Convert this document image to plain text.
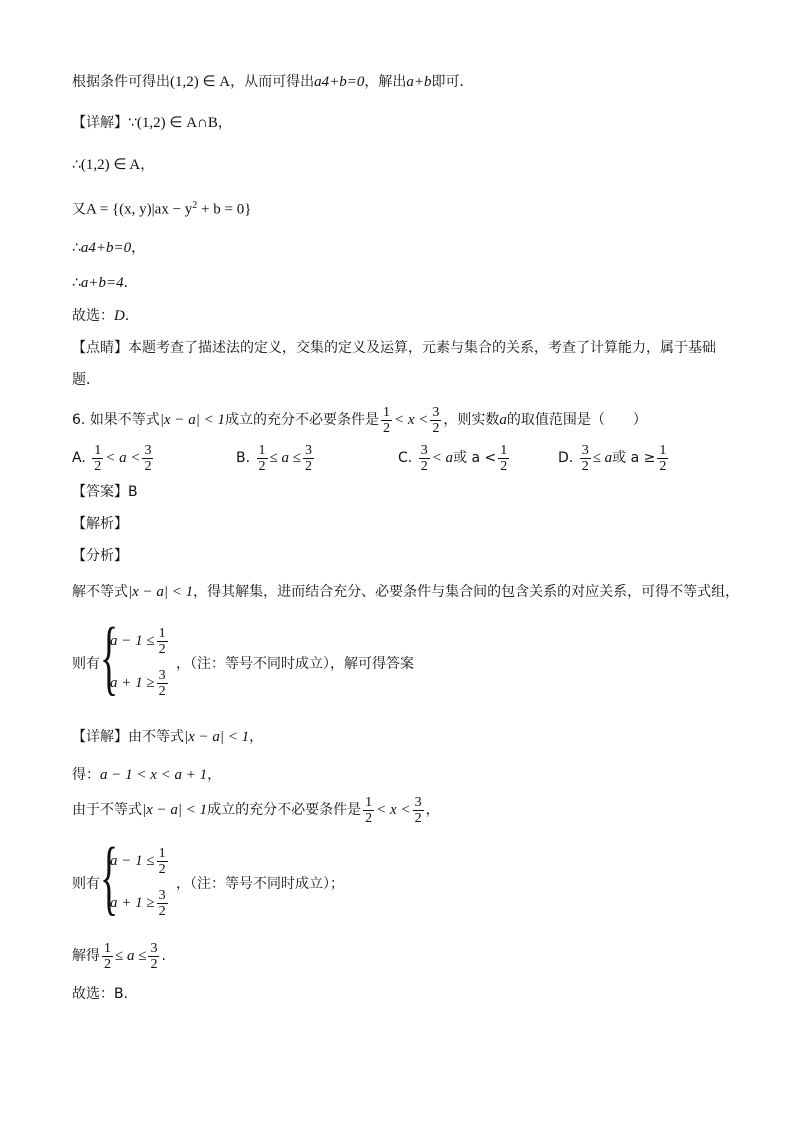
根据条件可得出(1,2) ∈ A，从而可得出a4+b=0，解出a+b即可．
【详解】∵(1,2) ∈ A∩B，
∴(1,2) ∈ A，
又A = {(x, $y)|ax - y^2 + b = 0$}
∴a4+b=0，
∴a+b=4．
故选：D．
【点睛】本题考查了描述法的定义，交集的定义及运算，元素与集合的关系，考查了计算能力，属于基础
题．
6. 如果不等式|x − a| < 1成立的充分不必要条件是 $\frac{1}{2} < x < \frac{3}{2}$ ，则实数a的取值范围是（　　）
A. $\frac{1}{2} < a < \frac{3}{2}$	B. $\frac{1}{2} \le a \le \frac{3}{2}$	C. $\frac{3}{2} < a$或 $a < \frac{1}{2}$	D. $\frac{3}{2} \le a$或 $a \ge \frac{1}{2}$
【答案】B
【解析】
【分析】
解不等式|x − a| < 1，得其解集，进而结合充分、必要条件与集合间的包含关系的对应关系，可得不等式组，
则有 {
$a - 1 \le \frac{1}{2}$
$a + 1 \ge \frac{3}{2}$
，（注：等号不同时成立），解可得答案
【详解】由不等式|x − a| < 1，
得：a − 1 < x < a + 1，
由于不等式|x − a| < 1成立的充分不必要条件是 $\frac{1}{2} < x < \frac{3}{2}$ ，
则有 {
$a - 1 \le \frac{1}{2}$
$a + 1 \ge \frac{3}{2}$
，（注：等号不同时成立）；
解得 $\frac{1}{2} \le a \le \frac{3}{2}$ .
故选：B.
